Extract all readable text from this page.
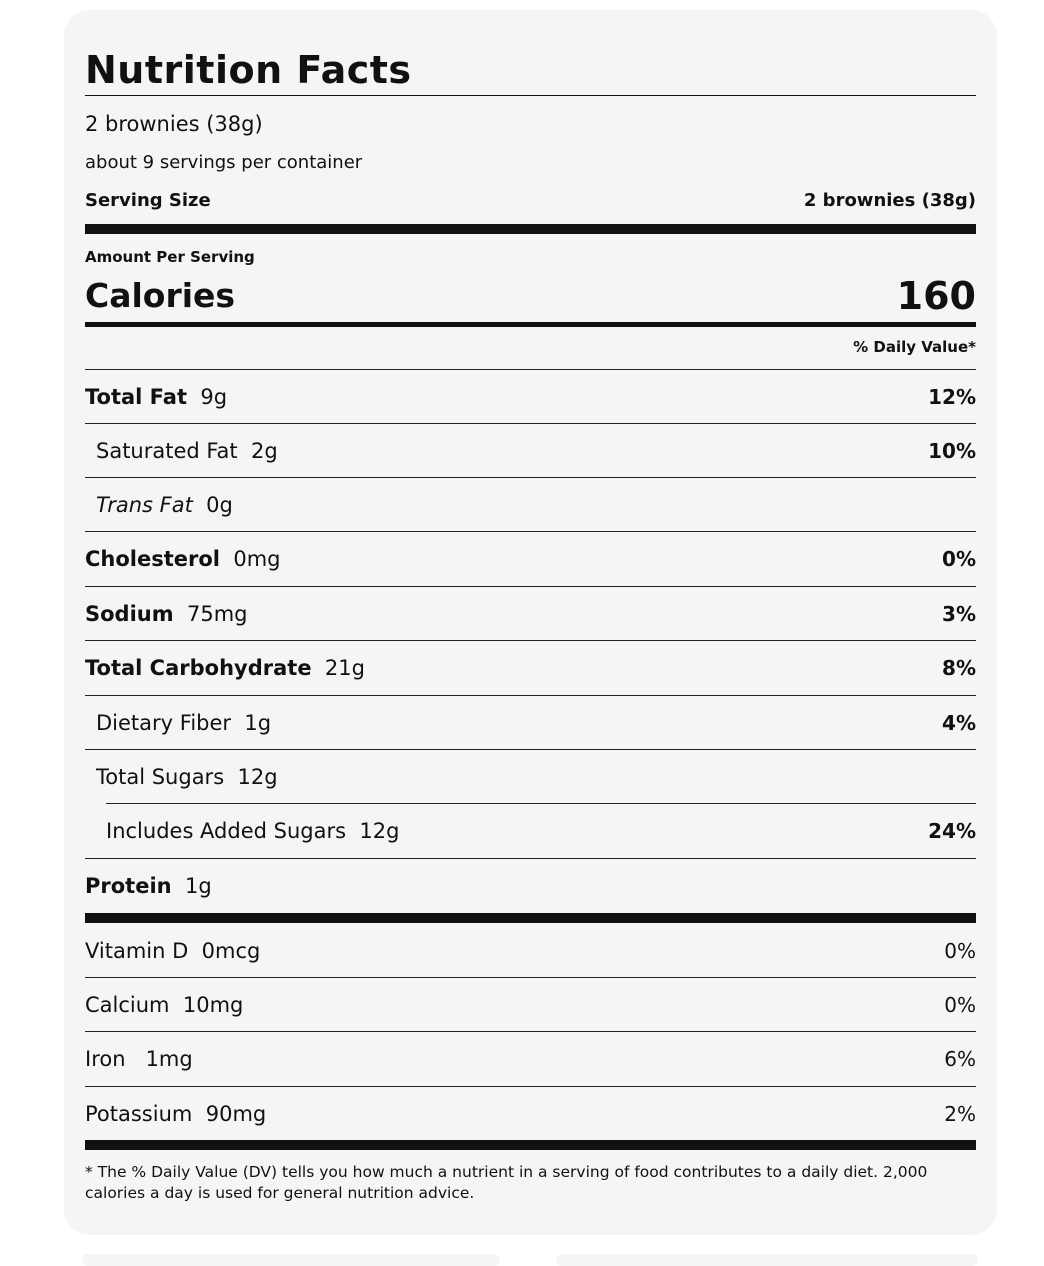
Nutrition Facts
2 brownies (38g)
about 9 servings per container
Serving Size	2 brownies (38g)
Amount Per Serving
Calories	160
% Daily Value*
Total Fat 9g	12%
Saturated Fat 2g	10%
Trans Fat 0g
Cholesterol 0mg	0%
Sodium 75mg	3%
Total Carbohydrate 21g	8%
Dietary Fiber 1g	4%
Total Sugars 12g
Includes Added Sugars 12g	24%
Protein 1g
Vitamin D 0mcg	0%
Calcium 10mg	0%
Iron 1mg	6%
Potassium 90mg	2%
* The % Daily Value (DV) tells you how much a nutrient in a serving of food contributes to a daily diet. 2,000 calories a day is used for general nutrition advice.
